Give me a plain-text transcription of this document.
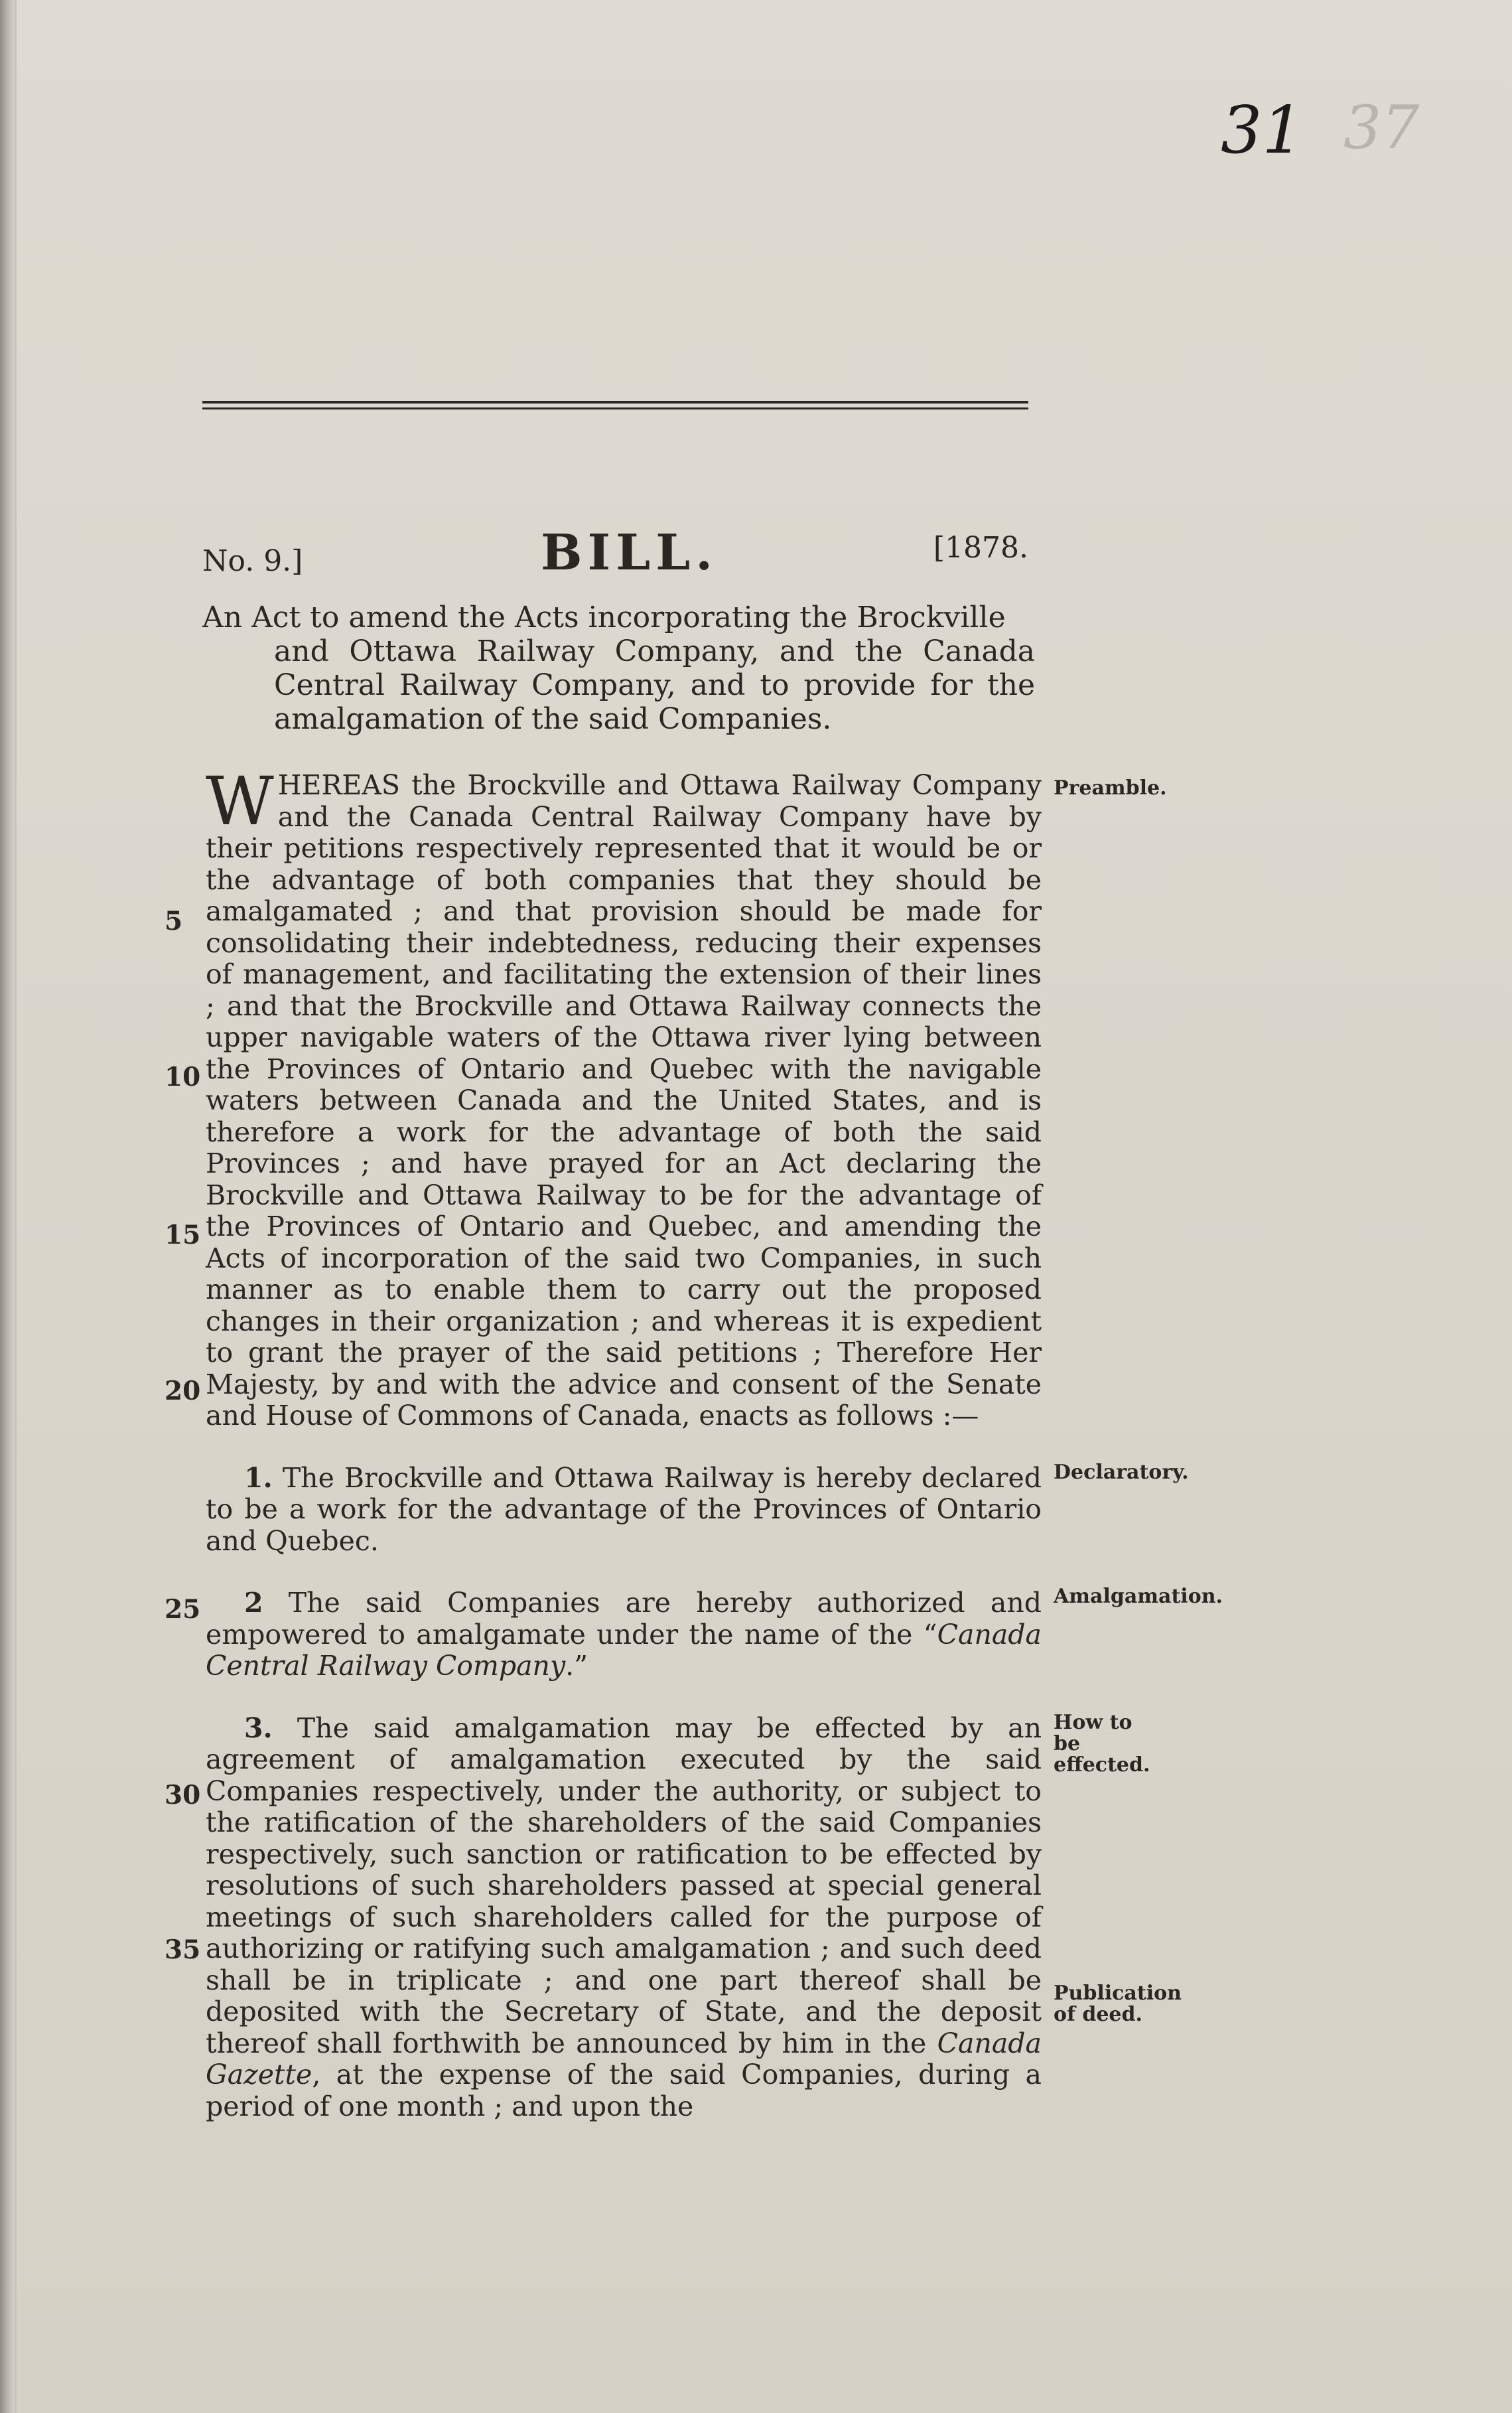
31 37
No. 9.]	BILL.	[1878.

An Act to amend the Acts incorporating the Brockville

and Ottawa Railway Company, and the Canada Central Railway Company, and to provide for the amalgamation of the said Companies.

WHEREAS the Brockville and Ottawa Railway Company and the Canada Central Railway Company have by their petitions respectively represented that it would be or the advantage of both companies that they should be amalgamated ; and that provision should be made for consolidating their indebtedness, reducing their expenses of management, and facilitating the extension of their lines ; and that the Brockville and Ottawa Railway connects the upper navigable waters of the Ottawa river lying between the Provinces of Ontario and Quebec with the navigable waters between Canada and the United States, and is therefore a work for the advantage of both the said Provinces ; and have prayed for an Act declaring the Brockville and Ottawa Railway to be for the advantage of the Provinces of Ontario and Quebec, and amending the Acts of incorporation of the said two Companies, in such manner as to enable them to carry out the proposed changes in their organization ; and whereas it is expedient to grant the prayer of the said petitions ; Therefore Her Majesty, by and with the advice and consent of the Senate and House of Commons of Canada, enacts as follows :—

1. The Brockville and Ottawa Railway is hereby declared to be a work for the advantage of the Provinces of Ontario and Quebec.

2 The said Companies are hereby authorized and empowered to amalgamate under the name of the “Canada Central Railway Company.”

3. The said amalgamation may be effected by an agreement of amalgamation executed by the said Companies respectively, under the authority, or subject to the ratification of the shareholders of the said Companies respectively, such sanction or ratification to be effected by resolutions of such shareholders passed at special general meetings of such shareholders called for the purpose of authorizing or ratifying such amalgamation ; and such deed shall be in triplicate ; and one part thereof shall be deposited with the Secretary of State, and the deposit thereof shall forthwith be announced by him in the Canada Gazette, at the expense of the said Companies, during a period of one month ; and upon the

5
10
15
20
25
30
35
Preamble.
Declaratory.
Amalgamation.
How to be effected.
Publication of deed.
